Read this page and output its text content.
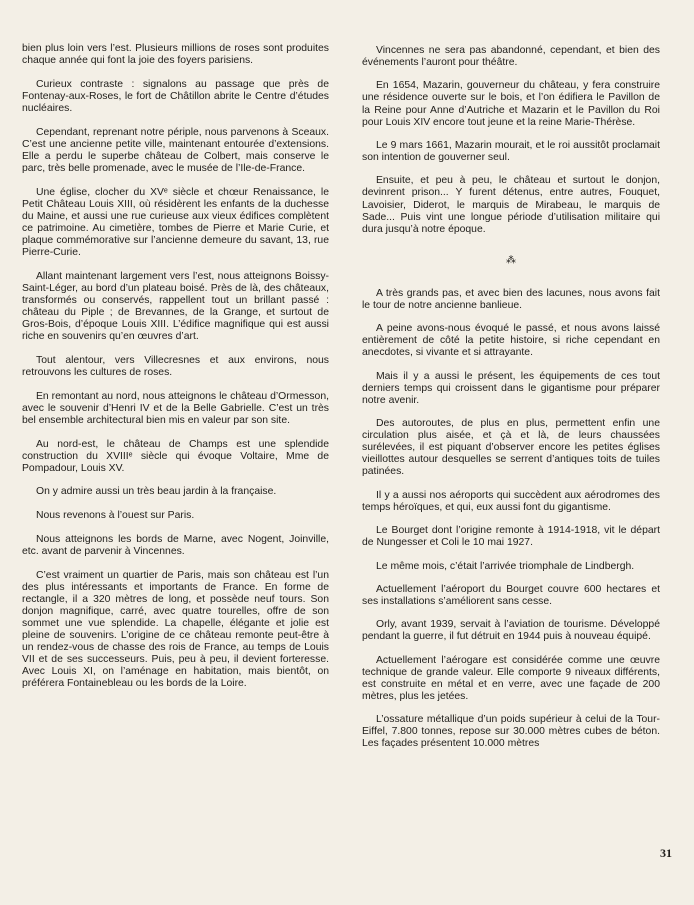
bien plus loin vers l’est. Plusieurs millions de roses sont produites chaque année qui font la joie des foyers parisiens.

Curieux contraste : signalons au passage que près de Fontenay-aux-Roses, le fort de Châtillon abrite le Centre d’études nucléaires.

Cependant, reprenant notre périple, nous parvenons à Sceaux. C’est une ancienne petite ville, maintenant entourée d’extensions. Elle a perdu le superbe château de Colbert, mais conserve le parc, très belle promenade, avec le musée de l’Ile-de-France.

Une église, clocher du XVᵉ siècle et chœur Renaissance, le Petit Château Louis XIII, où résidèrent les enfants de la duchesse du Maine, et aussi une rue curieuse aux vieux édifices complètent ce patrimoine. Au cimetière, tombes de Pierre et Marie Curie, et plaque commémorative sur l’ancienne demeure du savant, 13, rue Pierre-Curie.

Allant maintenant largement vers l’est, nous atteignons Boissy-Saint-Léger, au bord d’un plateau boisé. Près de là, des châteaux, transformés ou conservés, rappellent tout un brillant passé : château du Piple ; de Brevannes, de la Grange, et surtout de Gros-Bois, d’époque Louis XIII. L’édifice magnifique qui est aussi riche en souvenirs qu’en œuvres d’art.

Tout alentour, vers Villecresnes et aux environs, nous retrouvons les cultures de roses.

En remontant au nord, nous atteignons le château d’Ormesson, avec le souvenir d’Henri IV et de la Belle Gabrielle. C’est un très bel ensemble architectural bien mis en valeur par son site.

Au nord-est, le château de Champs est une splendide construction du XVIIIᵉ siècle qui évoque Voltaire, Mme de Pompadour, Louis XV.

On y admire aussi un très beau jardin à la française.

Nous revenons à l’ouest sur Paris.

Nous atteignons les bords de Marne, avec Nogent, Joinville, etc. avant de parvenir à Vincennes.

C’est vraiment un quartier de Paris, mais son château est l’un des plus intéressants et importants de France. En forme de rectangle, il a 320 mètres de long, et possède neuf tours. Son donjon magnifique, carré, avec quatre tourelles, offre de son sommet une vue splendide. La chapelle, élégante et jolie est pleine de souvenirs. L’origine de ce château remonte peut-être à un rendez-vous de chasse des rois de France, au temps de Louis VII et de ses successeurs. Puis, peu à peu, il devient forteresse. Avec Louis XI, on l’aménage en habitation, mais bientôt, on préférera Fontainebleau ou les bords de la Loire.

Vincennes ne sera pas abandonné, cependant, et bien des événements l’auront pour théâtre.

En 1654, Mazarin, gouverneur du château, y fera construire une résidence ouverte sur le bois, et l’on édifiera le Pavillon de la Reine pour Anne d’Autriche et Mazarin et le Pavillon du Roi pour Louis XIV encore tout jeune et la reine Marie-Thérèse.

Le 9 mars 1661, Mazarin mourait, et le roi aussitôt proclamait son intention de gouverner seul.

Ensuite, et peu à peu, le château et surtout le donjon, devinrent prison... Y furent détenus, entre autres, Fouquet, Lavoisier, Diderot, le marquis de Mirabeau, le marquis de Sade... Puis vint une longue période d’utilisation militaire qui dura jusqu’à notre époque.

⁂

A très grands pas, et avec bien des lacunes, nous avons fait le tour de notre ancienne banlieue.

A peine avons-nous évoqué le passé, et nous avons laissé entièrement de côté la petite histoire, si riche cependant en anecdotes, si vivante et si attrayante.

Mais il y a aussi le présent, les équipements de ces tout derniers temps qui croissent dans le gigantisme pour préparer notre avenir.

Des autoroutes, de plus en plus, permettent enfin une circulation plus aisée, et çà et là, de leurs chaussées surélevées, il est piquant d’observer encore les petites églises vieillottes autour desquelles se serrent d’antiques toits de tuiles patinées.

Il y a aussi nos aéroports qui succèdent aux aérodromes des temps héroïques, et qui, eux aussi font du gigantisme.

Le Bourget dont l’origine remonte à 1914-1918, vit le départ de Nungesser et Coli le 10 mai 1927.

Le même mois, c’était l’arrivée triomphale de Lindbergh.

Actuellement l’aéroport du Bourget couvre 600 hectares et ses installations s’améliorent sans cesse.

Orly, avant 1939, servait à l’aviation de tourisme. Développé pendant la guerre, il fut détruit en 1944 puis à nouveau équipé.

Actuellement l’aérogare est considérée comme une œuvre technique de grande valeur. Elle comporte 9 niveaux différents, est construite en métal et en verre, avec une façade de 200 mètres, plus les jetées.

L’ossature métallique d’un poids supérieur à celui de la Tour-Eiffel, 7.800 tonnes, repose sur 30.000 mètres cubes de béton. Les façades présentent 10.000 mètres

31
